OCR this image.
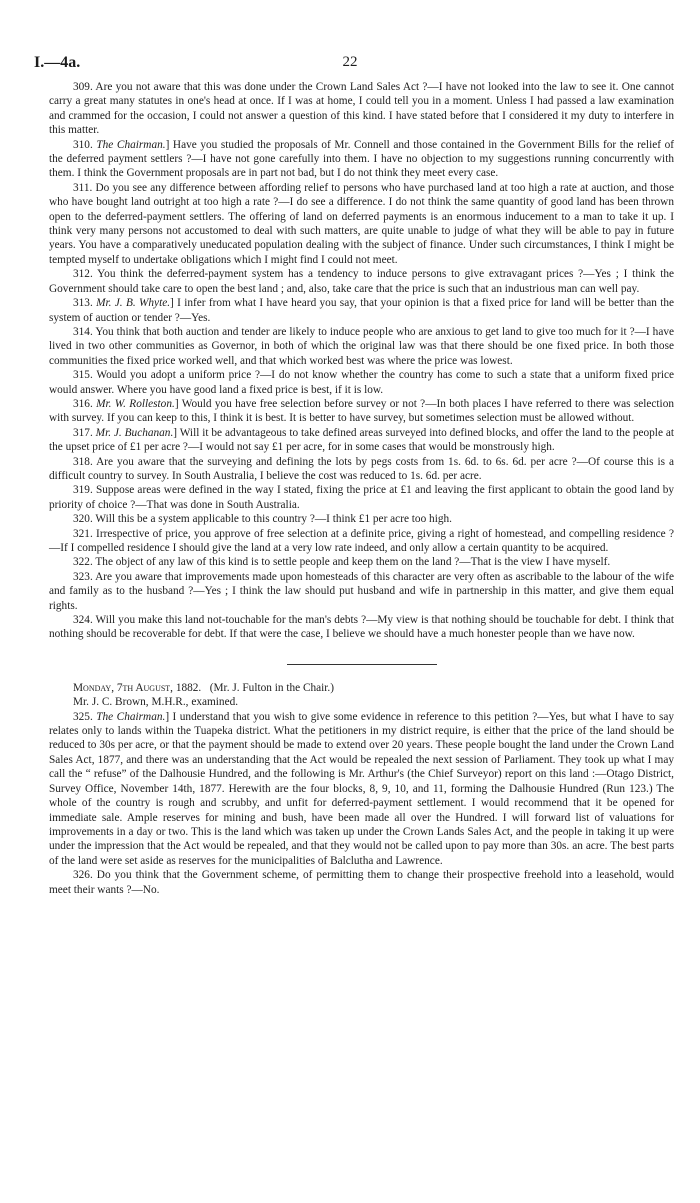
I.—4a.	22

309. Are you not aware that this was done under the Crown Land Sales Act ?—I have not looked into the law to see it. One cannot carry a great many statutes in one's head at once. If I was at home, I could tell you in a moment. Unless I had passed a law examination and crammed for the occasion, I could not answer a question of this kind. I have stated before that I considered it my duty to interfere in this matter.

310. The Chairman.] Have you studied the proposals of Mr. Connell and those contained in the Government Bills for the relief of the deferred payment settlers ?—I have not gone carefully into them. I have no objection to my suggestions running concurrently with them. I think the Government proposals are in part not bad, but I do not think they meet every case.

311. Do you see any difference between affording relief to persons who have purchased land at too high a rate at auction, and those who have bought land outright at too high a rate ?—I do see a difference. I do not think the same quantity of good land has been thrown open to the deferred-payment settlers. The offering of land on deferred payments is an enormous inducement to a man to take it up. I think very many persons not accustomed to deal with such matters, are quite unable to judge of what they will be able to pay in future years. You have a comparatively uneducated population dealing with the subject of finance. Under such circumstances, I think I might be tempted myself to undertake obligations which I might find I could not meet.

312. You think the deferred-payment system has a tendency to induce persons to give extravagant prices ?—Yes ; I think the Government should take care to open the best land ; and, also, take care that the price is such that an industrious man can well pay.

313. Mr. J. B. Whyte.] I infer from what I have heard you say, that your opinion is that a fixed price for land will be better than the system of auction or tender ?—Yes.

314. You think that both auction and tender are likely to induce people who are anxious to get land to give too much for it ?—I have lived in two other communities as Governor, in both of which the original law was that there should be one fixed price. In both those communities the fixed price worked well, and that which worked best was where the price was lowest.

315. Would you adopt a uniform price ?—I do not know whether the country has come to such a state that a uniform fixed price would answer. Where you have good land a fixed price is best, if it is low.

316. Mr. W. Rolleston.] Would you have free selection before survey or not ?—In both places I have referred to there was selection with survey. If you can keep to this, I think it is best. It is better to have survey, but sometimes selection must be allowed without.

317. Mr. J. Buchanan.] Will it be advantageous to take defined areas surveyed into defined blocks, and offer the land to the people at the upset price of £1 per acre ?—I would not say £1 per acre, for in some cases that would be monstrously high.

318. Are you aware that the surveying and defining the lots by pegs costs from 1s. 6d. to 6s. 6d. per acre ?—Of course this is a difficult country to survey. In South Australia, I believe the cost was reduced to 1s. 6d. per acre.

319. Suppose areas were defined in the way I stated, fixing the price at £1 and leaving the first applicant to obtain the good land by priority of choice ?—That was done in South Australia.

320. Will this be a system applicable to this country ?—I think £1 per acre too high.

321. Irrespective of price, you approve of free selection at a definite price, giving a right of homestead, and compelling residence ?—If I compelled residence I should give the land at a very low rate indeed, and only allow a certain quantity to be acquired.

322. The object of any law of this kind is to settle people and keep them on the land ?—That is the view I have myself.

323. Are you aware that improvements made upon homesteads of this character are very often as ascribable to the labour of the wife and family as to the husband ?—Yes ; I think the law should put husband and wife in partnership in this matter, and give them equal rights.

324. Will you make this land not-touchable for the man's debts ?—My view is that nothing should be touchable for debt. I think that nothing should be recoverable for debt. If that were the case, I believe we should have a much honester people than we have now.

Monday, 7th August, 1882. (Mr. J. Fulton in the Chair.)

Mr. J. C. Brown, M.H.R., examined.

325. The Chairman.] I understand that you wish to give some evidence in reference to this petition ?—Yes, but what I have to say relates only to lands within the Tuapeka district. What the petitioners in my district require, is either that the price of the land should be reduced to 30s per acre, or that the payment should be made to extend over 20 years. These people bought the land under the Crown Land Sales Act, 1877, and there was an understanding that the Act would be repealed the next session of Parliament. They took up what I may call the “ refuse” of the Dalhousie Hundred, and the following is Mr. Arthur's (the Chief Surveyor) report on this land :—Otago District, Survey Office, November 14th, 1877. Herewith are the four blocks, 8, 9, 10, and 11, forming the Dalhousie Hundred (Run 123.) The whole of the country is rough and scrubby, and unfit for deferred-payment settlement. I would recommend that it be opened for immediate sale. Ample reserves for mining and bush, have been made all over the Hundred. I will forward list of valuations for improvements in a day or two. This is the land which was taken up under the Crown Lands Sales Act, and the people in taking it up were under the impression that the Act would be repealed, and that they would not be called upon to pay more than 30s. an acre. The best parts of the land were set aside as reserves for the municipalities of Balclutha and Lawrence.

326. Do you think that the Government scheme, of permitting them to change their prospective freehold into a leasehold, would meet their wants ?—No.
